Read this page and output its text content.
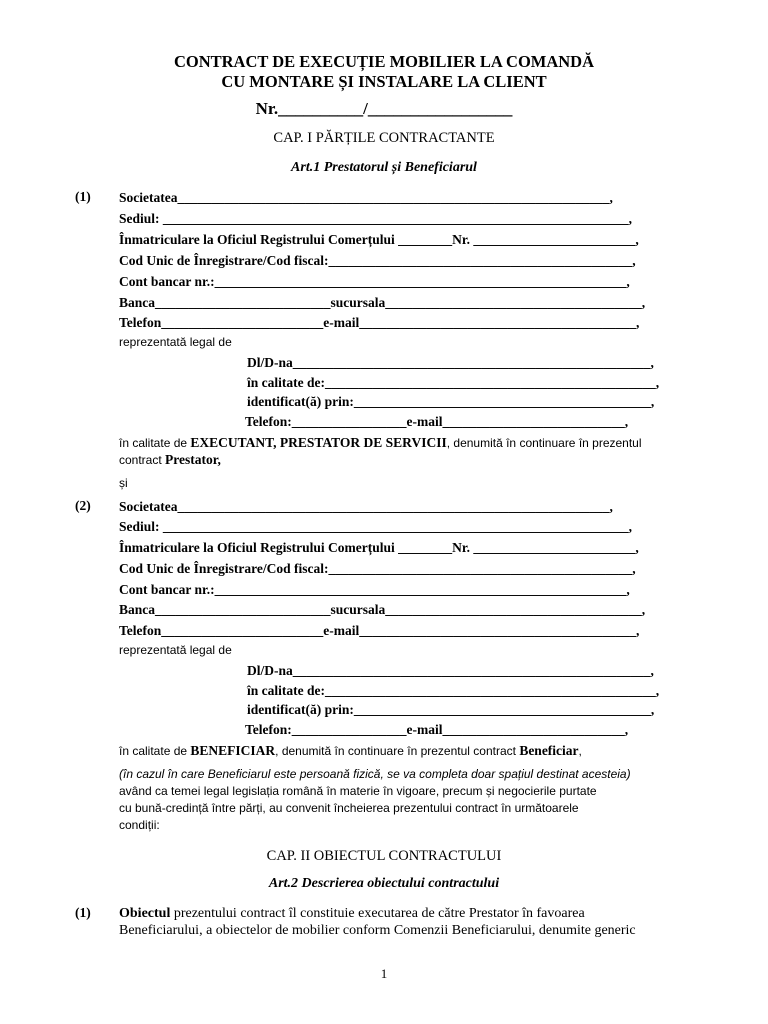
CONTRACT DE EXECUȚIE MOBILIER LA COMANDĂ
CU MONTARE ȘI INSTALARE LA CLIENT
Nr.__________/_________________
CAP. I PĂRȚILE CONTRACTANTE
Art.1 Prestatorul și Beneficiarul
(1) Societatea________________________________________________________________,
Sediul: _____________________________________________________________________,
Înmatriculare la Oficiul Registrului Comerțului ________Nr. ________________________,
Cod Unic de Înregistrare/Cod fiscal:_____________________________________________,
Cont bancar nr.:_____________________________________________________________,
Banca__________________________sucursala______________________________________,
Telefon________________________e-mail_________________________________________,
reprezentată legal de
Dl/D-na_____________________________________________________,
în calitate de:_________________________________________________,
identificat(ă) prin:____________________________________________,
Telefon:_________________e-mail___________________________,
în calitate de EXECUTANT, PRESTATOR DE SERVICII, denumită în continuare în prezentul
contract Prestator,
și
(2) Societatea________________________________________________________________,
Sediul: _____________________________________________________________________,
Înmatriculare la Oficiul Registrului Comerțului ________Nr. ________________________,
Cod Unic de Înregistrare/Cod fiscal:_____________________________________________,
Cont bancar nr.:_____________________________________________________________,
Banca__________________________sucursala______________________________________,
Telefon________________________e-mail_________________________________________,
reprezentată legal de
Dl/D-na_____________________________________________________,
în calitate de:_________________________________________________,
identificat(ă) prin:____________________________________________,
Telefon:_________________e-mail___________________________,
în calitate de BENEFICIAR, denumită în continuare în prezentul contract Beneficiar,
(în cazul în care Beneficiarul este persoană fizică, se va completa doar spațiul destinat acesteia)
având ca temei legal legislația română în materie în vigoare, precum și negocierile purtate
cu bună-credință între părți, au convenit încheierea prezentului contract în următoarele
condiții:
CAP. II OBIECTUL CONTRACTULUI
Art.2 Descrierea obiectului contractului
(1) Obiectul prezentului contract îl constituie executarea de către Prestator în favoarea
Beneficiarului, a obiectelor de mobilier conform Comenzii Beneficiarului, denumite generic
1
